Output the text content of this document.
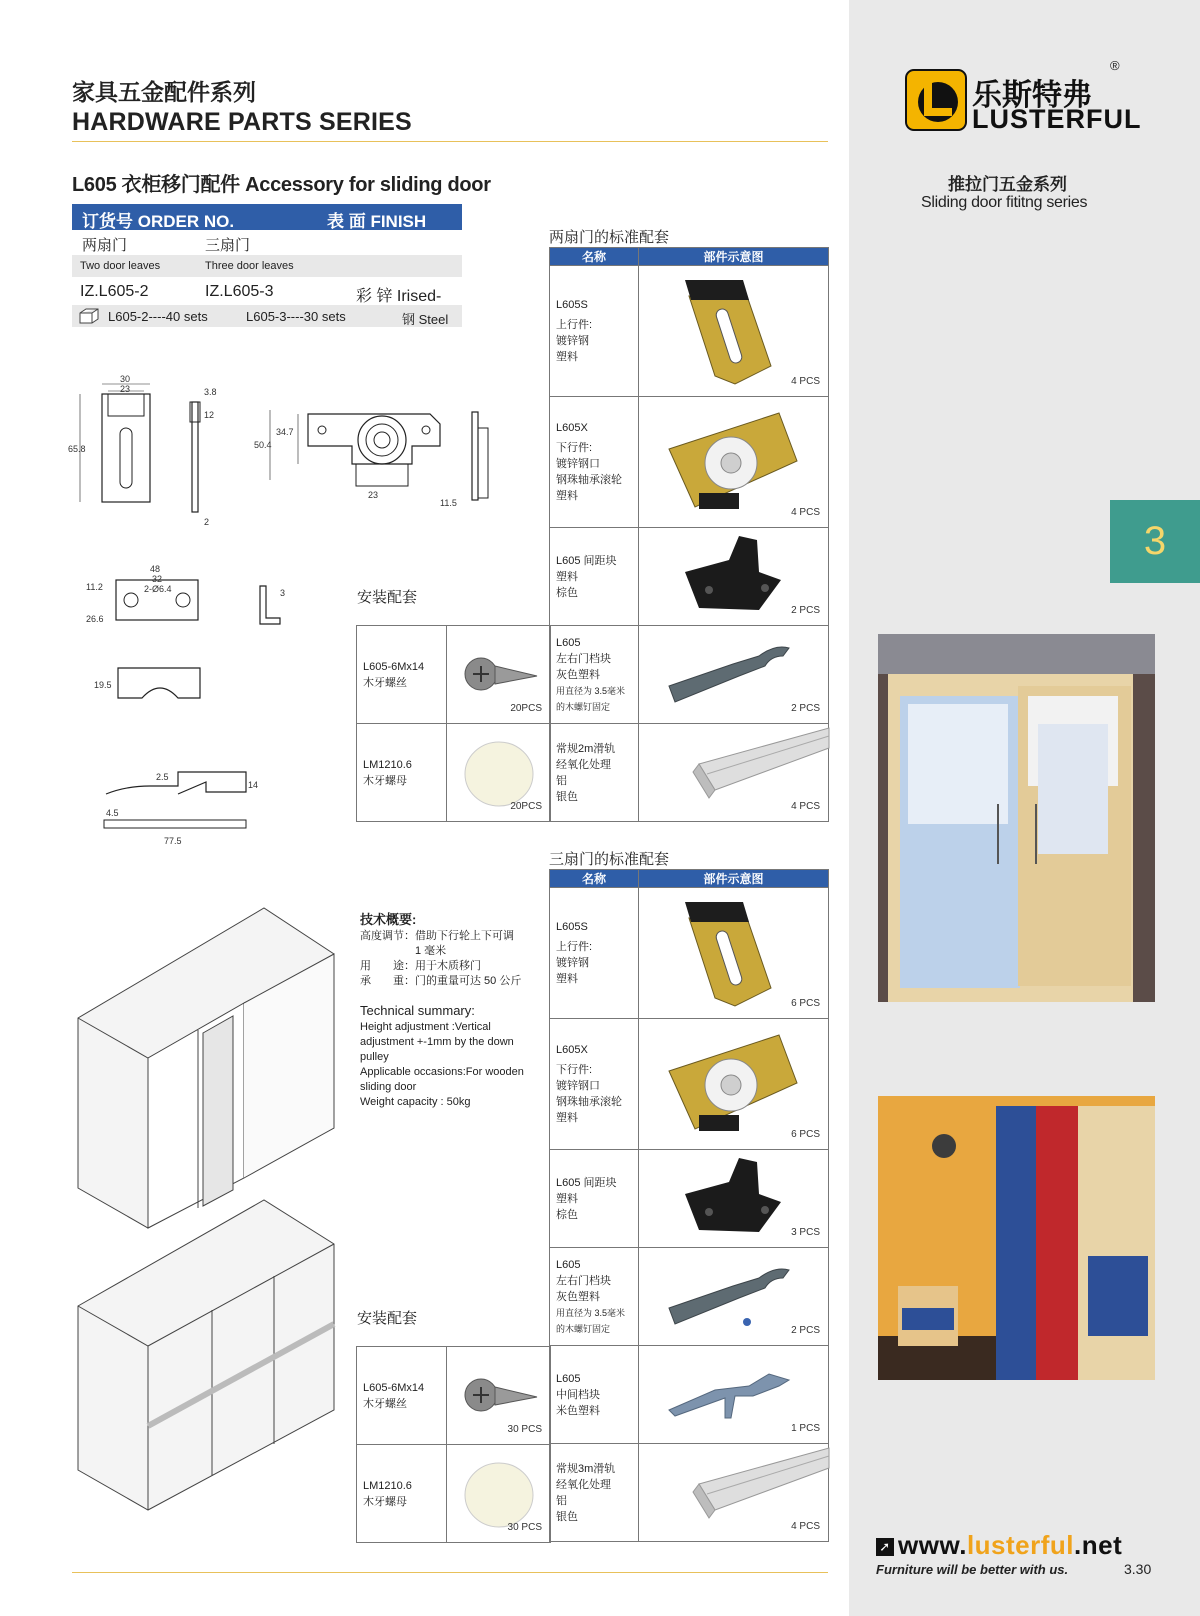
乐斯特弗
LUSTERFUL
®
推拉门五金系列
Sliding door fititng series
3
➚ www.lusterful.net
Furniture will be better with us.	3.30
家具五金配件系列
HARDWARE PARTS SERIES
L605 衣柜移门配件 Accessory for sliding door
订货号 ORDER NO.	表 面 FINISH
两扇门	三扇门
Two door leaves	Three door leaves
IZ.L605-2	IZ.L605-3	彩 锌 Irised-
L605-2----40 sets	L605-3----30 sets	钢 Steel
30
23
65.8
3.8
12
2
34.7
50.4
23
11.5
48
32
2-Ø6.4
11.2
26.6
3
19.5
2.5
14
4.5
77.5
技术概要:
高度调节：借助下行轮上下可调
　　　　　1 毫米
用　　途：用于木质移门
承　　重：门的重量可达 50 公斤
Technical summary:
Height adjustment :Vertical
adjustment +-1mm by the down
pulley
Applicable occasions:For wooden
sliding door
Weight capacity : 50kg
两扇门的标准配套
名称	部件示意图

L605S
上行件:
镀锌钢
塑料	4 PCS

L605X
下行件:
镀锌钢口
钢珠轴承滚轮
塑料	4 PCS

L605 间距块
塑料
棕色	2 PCS

L605
左右门档块
灰色塑料
用直径为 3.5毫米
的木螺钉固定	2 PCS

常规2m滑轨
经氧化处理
铝
银色	4 PCS
安装配套
L605-6Mx14
木牙螺丝	20PCS

LM1210.6
木牙螺母	20PCS
三扇门的标准配套
名称	部件示意图

L605S
上行件:
镀锌钢
塑料	6 PCS

L605X
下行件:
镀锌钢口
钢珠轴承滚轮
塑料	6 PCS

L605 间距块
塑料
棕色	3 PCS

L605
左右门档块
灰色塑料
用直径为 3.5毫米
的木螺钉固定	2 PCS

L605
中间档块
米色塑料	1 PCS

常规3m滑轨
经氧化处理
铝
银色	4 PCS
安装配套
L605-6Mx14
木牙螺丝	30 PCS

LM1210.6
木牙螺母	30 PCS
